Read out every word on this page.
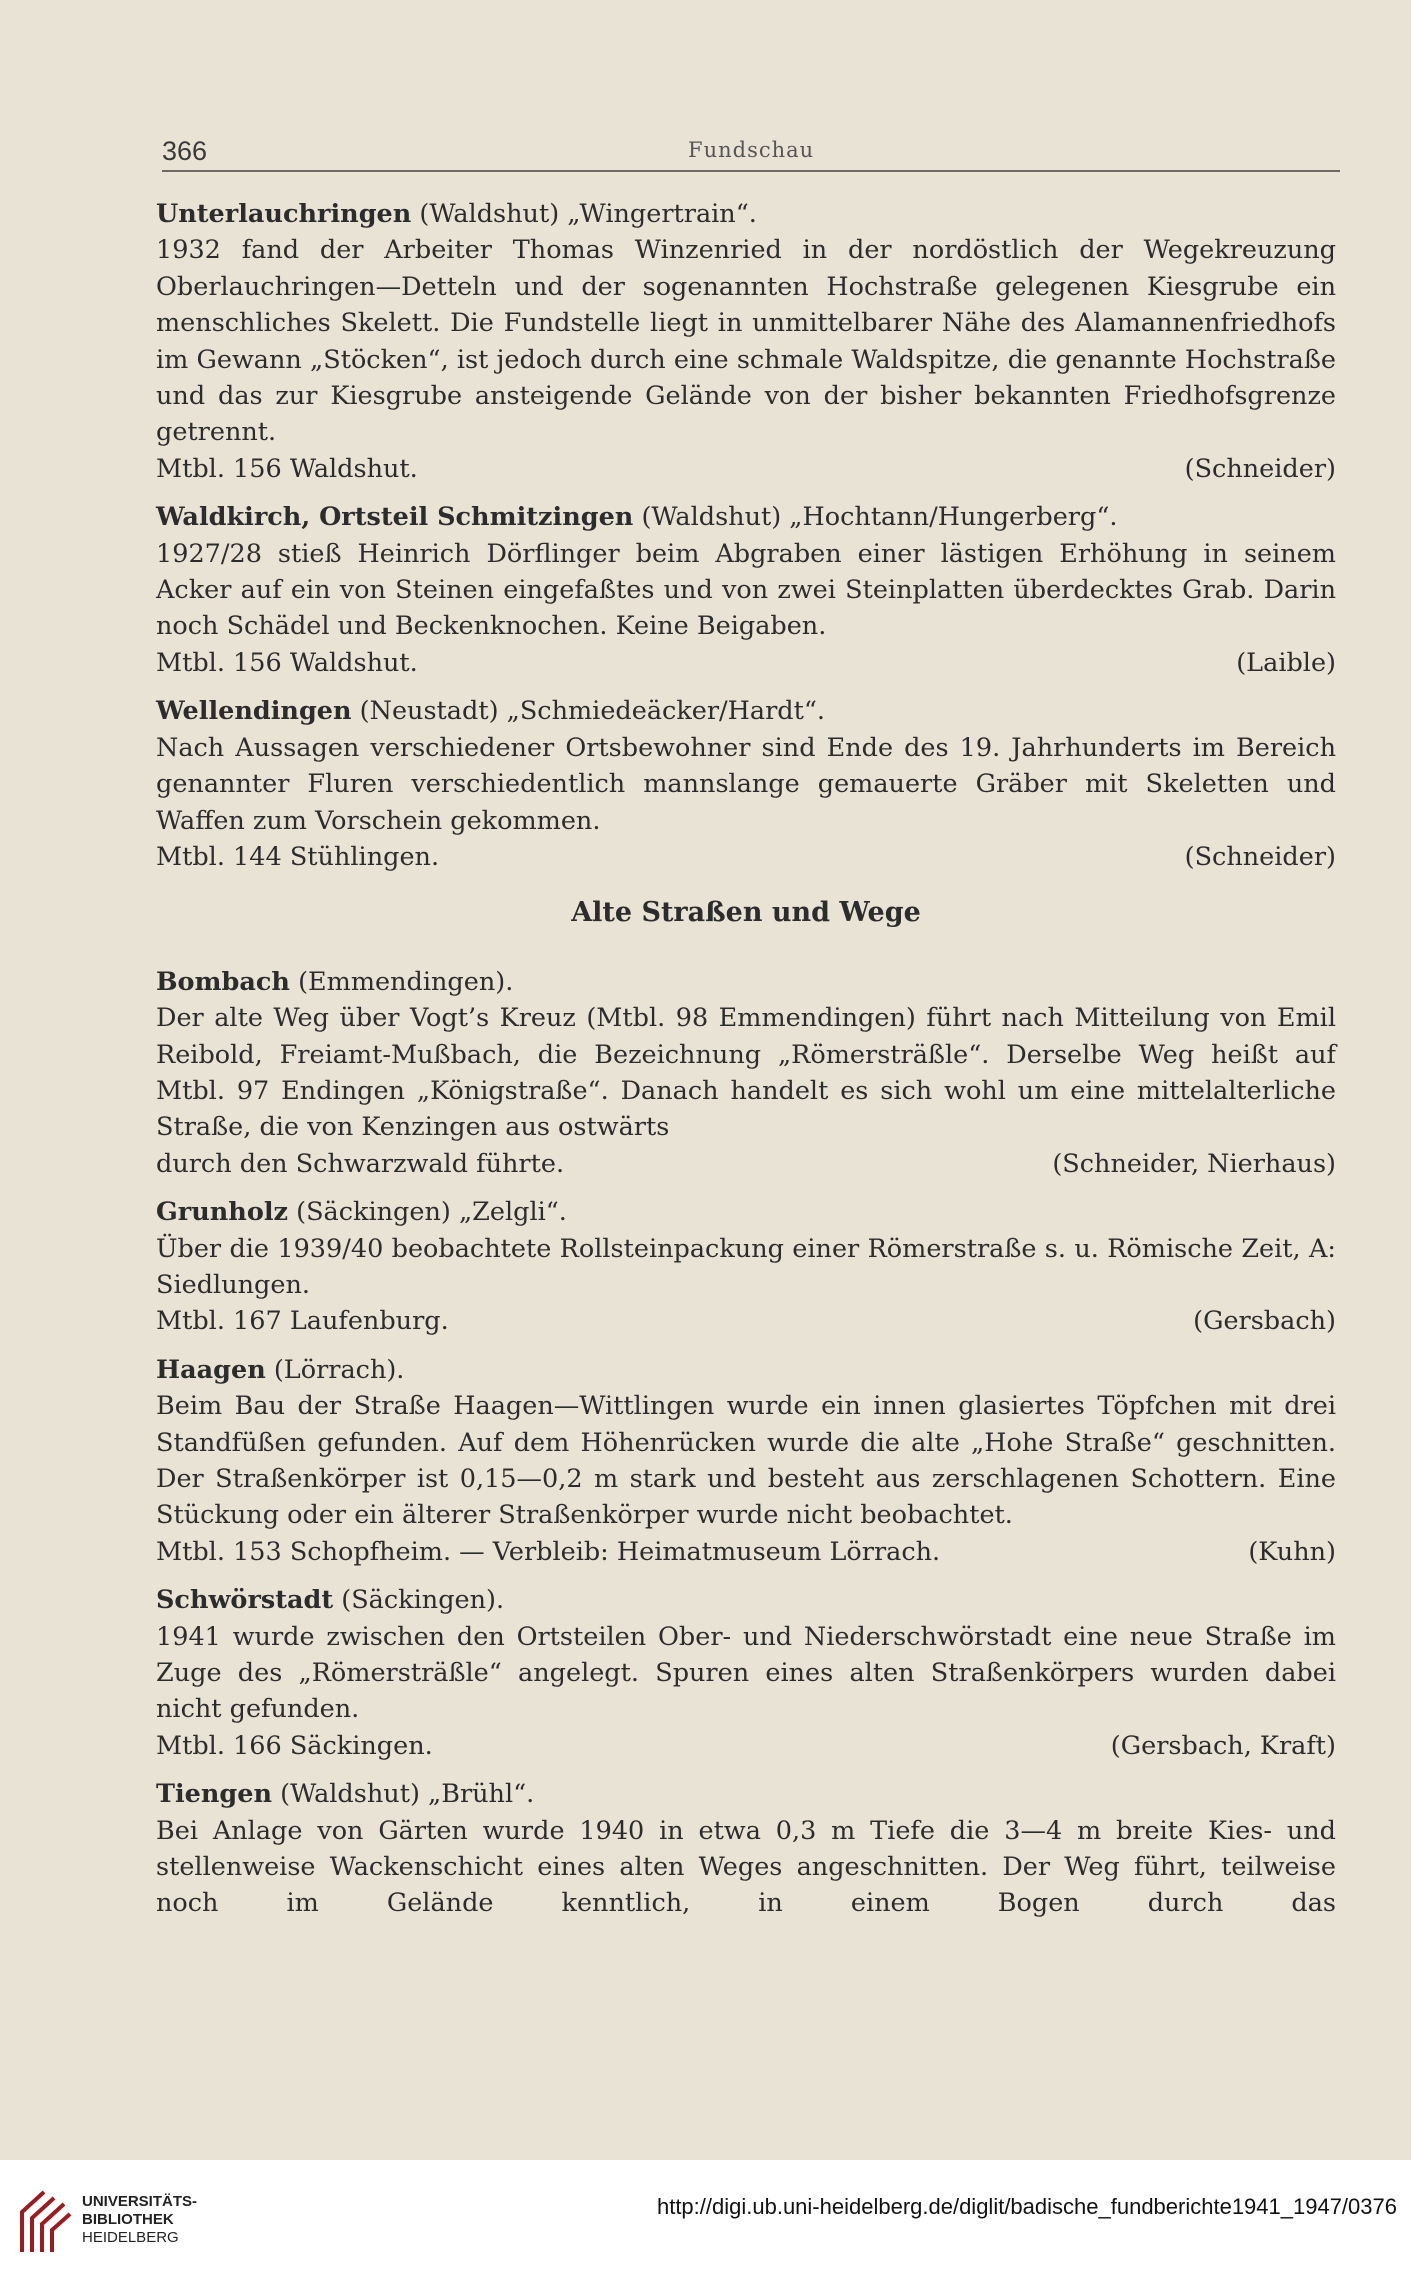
366	Fundschau

Unterlauchringen (Waldshut) „Wingertrain“.

1932 fand der Arbeiter Thomas Winzenried in der nordöstlich der Wegekreuzung Oberlauchringen—Detteln und der sogenannten Hochstraße gelegenen Kiesgrube ein menschliches Skelett. Die Fundstelle liegt in unmittelbarer Nähe des Alamannenfriedhofs im Gewann „Stöcken“, ist jedoch durch eine schmale Waldspitze, die genannte Hochstraße und das zur Kiesgrube ansteigende Gelände von der bisher bekannten Friedhofsgrenze getrennt.

Mtbl. 156 Waldshut.	(Schneider)

Waldkirch, Ortsteil Schmitzingen (Waldshut) „Hochtann/Hungerberg“.

1927/28 stieß Heinrich Dörflinger beim Abgraben einer lästigen Erhöhung in seinem Acker auf ein von Steinen eingefaßtes und von zwei Steinplatten überdecktes Grab. Darin noch Schädel und Beckenknochen. Keine Beigaben.

Mtbl. 156 Waldshut.	(Laible)

Wellendingen (Neustadt) „Schmiedeäcker/Hardt“.

Nach Aussagen verschiedener Ortsbewohner sind Ende des 19. Jahrhunderts im Bereich genannter Fluren verschiedentlich mannslange gemauerte Gräber mit Skeletten und Waffen zum Vorschein gekommen.

Mtbl. 144 Stühlingen.	(Schneider)

Alte Straßen und Wege

Bombach (Emmendingen).

Der alte Weg über Vogt’s Kreuz (Mtbl. 98 Emmendingen) führt nach Mitteilung von Emil Reibold, Freiamt-Mußbach, die Bezeichnung „Römersträßle“. Derselbe Weg heißt auf Mtbl. 97 Endingen „Königstraße“. Danach handelt es sich wohl um eine mittelalterliche Straße, die von Kenzingen aus ostwärts

durch den Schwarzwald führte.	(Schneider, Nierhaus)

Grunholz (Säckingen) „Zelgli“.

Über die 1939/40 beobachtete Rollsteinpackung einer Römerstraße s. u. Römische Zeit, A: Siedlungen.

Mtbl. 167 Laufenburg.	(Gersbach)

Haagen (Lörrach).

Beim Bau der Straße Haagen—Wittlingen wurde ein innen glasiertes Töpfchen mit drei Standfüßen gefunden. Auf dem Höhenrücken wurde die alte „Hohe Straße“ geschnitten. Der Straßenkörper ist 0,15—0,2 m stark und besteht aus zerschlagenen Schottern. Eine Stückung oder ein älterer Straßenkörper wurde nicht beobachtet.

Mtbl. 153 Schopfheim. — Verbleib: Heimatmuseum Lörrach.	(Kuhn)

Schwörstadt (Säckingen).

1941 wurde zwischen den Ortsteilen Ober- und Niederschwörstadt eine neue Straße im Zuge des „Römersträßle“ angelegt. Spuren eines alten Straßenkörpers wurden dabei nicht gefunden.

Mtbl. 166 Säckingen.	(Gersbach, Kraft)

Tiengen (Waldshut) „Brühl“.

Bei Anlage von Gärten wurde 1940 in etwa 0,3 m Tiefe die 3—4 m breite Kies- und stellenweise Wackenschicht eines alten Weges angeschnitten. Der Weg führt, teilweise noch im Gelände kenntlich, in einem Bogen durch das

UNIVERSITÄTS-
BIBLIOTHEK
HEIDELBERG
http://digi.ub.uni-heidelberg.de/diglit/badische_fundberichte1941_1947/0376
